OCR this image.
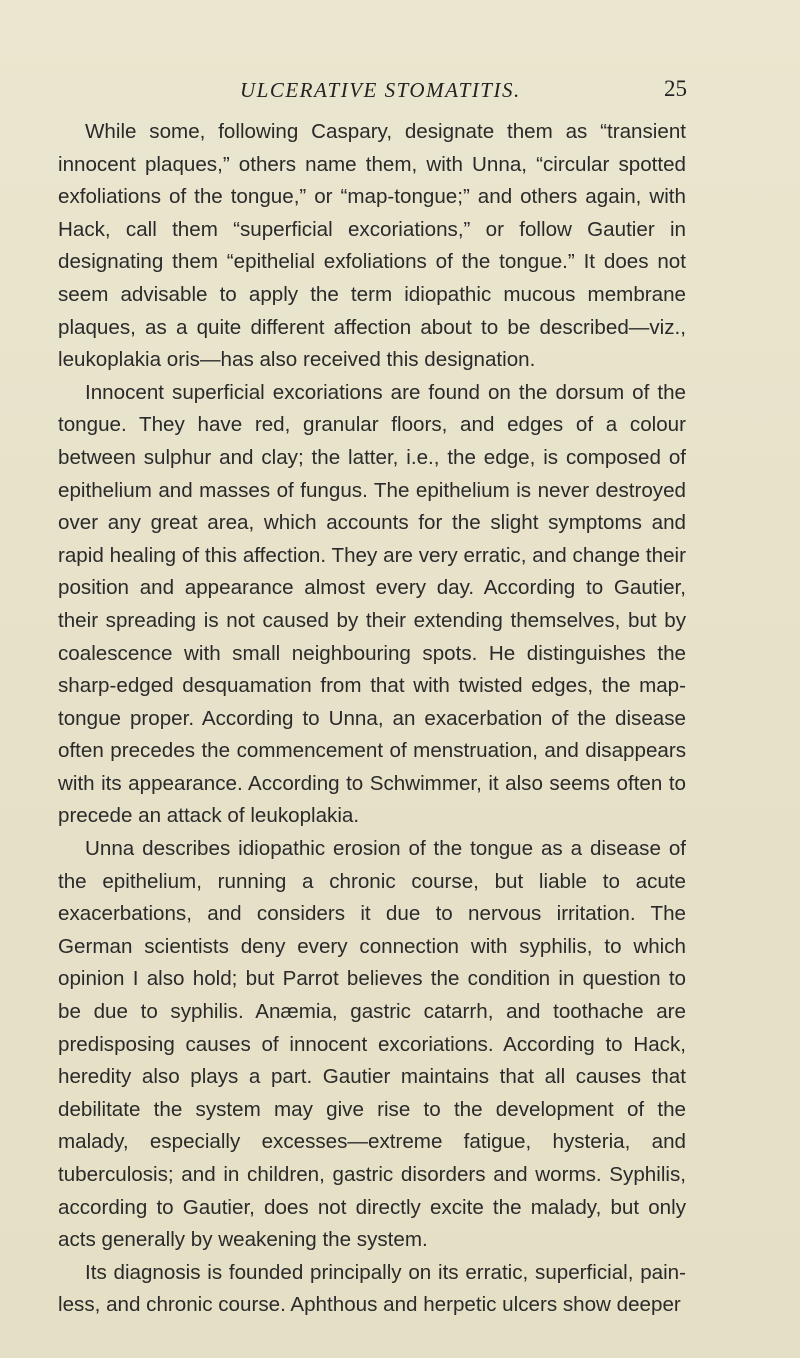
ULCERATIVE STOMATITIS.	25

While some, following Caspary, designate them as “transient innocent plaques,” others name them, with Unna, “circular spotted exfoliations of the tongue,” or “map-tongue;” and others again, with Hack, call them “superficial excoriations,” or follow Gautier in designating them “epithelial exfoliations of the tongue.” It does not seem advisable to apply the term idiopathic mucous membrane plaques, as a quite different affection about to be described—viz., leukoplakia oris—has also received this designation.

Innocent superficial excoriations are found on the dorsum of the tongue. They have red, granular floors, and edges of a colour between sulphur and clay; the latter, i.e., the edge, is composed of epithelium and masses of fungus. The epithelium is never destroyed over any great area, which accounts for the slight symptoms and rapid healing of this affection. They are very erratic, and change their position and appearance almost every day. According to Gautier, their spreading is not caused by their extending themselves, but by coalescence with small neighbouring spots. He distinguishes the sharp-edged desquamation from that with twisted edges, the map-tongue proper. According to Unna, an exacerbation of the disease often precedes the commencement of menstruation, and disappears with its appearance. According to Schwimmer, it also seems often to precede an attack of leukoplakia.

Unna describes idiopathic erosion of the tongue as a disease of the epithelium, running a chronic course, but liable to acute exacerbations, and considers it due to nervous irritation. The German scientists deny every connection with syphilis, to which opinion I also hold; but Parrot believes the condition in question to be due to syphilis. Anæmia, gastric catarrh, and toothache are predisposing causes of innocent excoriations. According to Hack, heredity also plays a part. Gautier maintains that all causes that debilitate the system may give rise to the development of the malady, especially excesses—extreme fatigue, hysteria, and tuberculosis; and in children, gastric disorders and worms. Syphilis, according to Gautier, does not directly excite the malady, but only acts generally by weakening the system.

Its diagnosis is founded principally on its erratic, superficial, painless, and chronic course. Aphthous and herpetic ulcers show deeper
